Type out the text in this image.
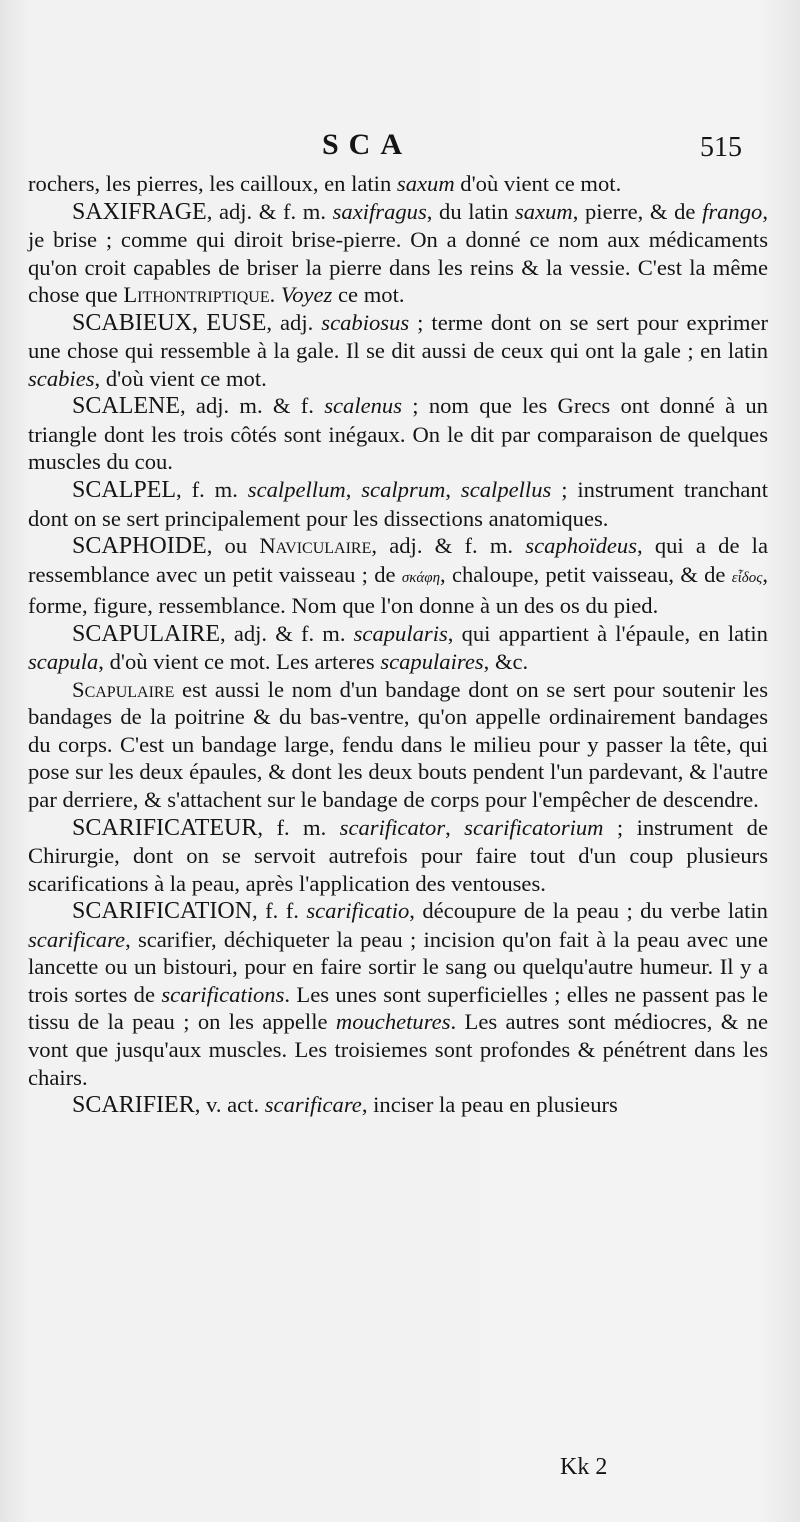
SCA	515

rochers, les pierres, les cailloux, en latin saxum d'où vient ce mot.

SAXIFRAGE, adj. & f. m. saxifragus, du latin saxum, pierre, & de frango, je brise ; comme qui diroit brise-pierre. On a donné ce nom aux médicaments qu'on croit capables de briser la pierre dans les reins & la vessie. C'est la même chose que Lithontriptique. Voyez ce mot.

SCABIEUX, EUSE, adj. scabiosus ; terme dont on se sert pour exprimer une chose qui ressemble à la gale. Il se dit aussi de ceux qui ont la gale ; en latin scabies, d'où vient ce mot.

SCALENE, adj. m. & f. scalenus ; nom que les Grecs ont donné à un triangle dont les trois côtés sont inégaux. On le dit par comparaison de quelques muscles du cou.

SCALPEL, f. m. scalpellum, scalprum, scalpellus ; instrument tranchant dont on se sert principalement pour les dissections anatomiques.

SCAPHOIDE, ou Naviculaire, adj. & f. m. scaphoïdeus, qui a de la ressemblance avec un petit vaisseau ; de σκάφη, chaloupe, petit vaisseau, & de εἶδος, forme, figure, ressemblance. Nom que l'on donne à un des os du pied.

SCAPULAIRE, adj. & f. m. scapularis, qui appartient à l'épaule, en latin scapula, d'où vient ce mot. Les arteres scapulaires, &c.

Scapulaire est aussi le nom d'un bandage dont on se sert pour soutenir les bandages de la poitrine & du bas-ventre, qu'on appelle ordinairement bandages du corps. C'est un bandage large, fendu dans le milieu pour y passer la tête, qui pose sur les deux épaules, & dont les deux bouts pendent l'un pardevant, & l'autre par derriere, & s'attachent sur le bandage de corps pour l'empêcher de descendre.

SCARIFICATEUR, f. m. scarificator, scarificatorium ; instrument de Chirurgie, dont on se servoit autrefois pour faire tout d'un coup plusieurs scarifications à la peau, après l'application des ventouses.

SCARIFICATION, f. f. scarificatio, découpure de la peau ; du verbe latin scarificare, scarifier, déchiqueter la peau ; incision qu'on fait à la peau avec une lancette ou un bistouri, pour en faire sortir le sang ou quelqu'autre humeur. Il y a trois sortes de scarifications. Les unes sont superficielles ; elles ne passent pas le tissu de la peau ; on les appelle mouchetures. Les autres sont médiocres, & ne vont que jusqu'aux muscles. Les troisiemes sont profondes & pénétrent dans les chairs.

SCARIFIER, v. act. scarificare, inciser la peau en plusieurs

Kk 2
